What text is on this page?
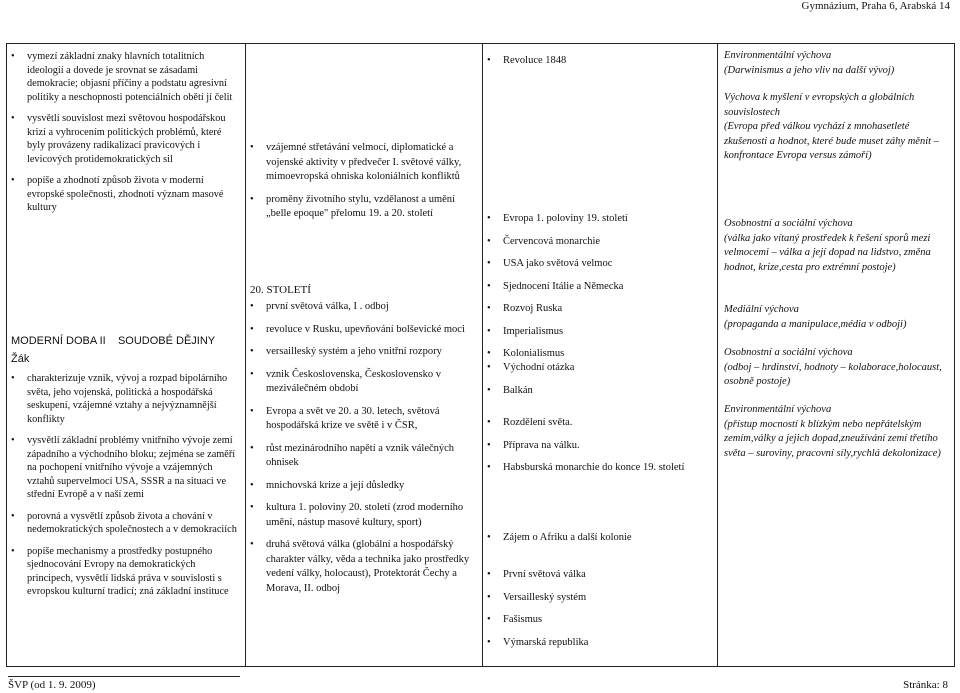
Gymnázium, Praha 6, Arabská 14
• vymezí základní znaky hlavních totalitních ideologií a dovede je srovnat se zásadami demokracie; objasní příčiny a podstatu agresivní politiky a neschopnosti potenciálních obětí jí čelit
• vysvětlí souvislost mezi světovou hospodářskou krizí a vyhrocením politických problémů, které byly provázeny radikalizací pravicových i levicových protidemokratických sil
• popíše a zhodnotí způsob života v moderní evropské společnosti, zhodnotí význam masové kultury
MODERNÍ DOBA II    SOUDOBÉ DĚJINY
Žák
• charakterizuje vznik, vývoj a rozpad bipolárního světa, jeho vojenská, politická a hospodářská seskupení, vzájemné vztahy a nejvýznamnější konflikty
• vysvětlí základní problémy vnitřního vývoje zemí západního a východního bloku; zejména se zaměří na pochopení vnitřního vývoje a vzájemných vztahů supervelmocí USA, SSSR a na situaci ve střední Evropě a v naší zemi
• porovná a vysvětlí způsob života a chování v nedemokratických společnostech a v demokraciích
• popíše mechanismy a prostředky postupného sjednocování Evropy na demokratických principech, vysvětlí lidská práva v souvislosti s evropskou kulturní tradicí; zná základní instituce

• vzájemné střetávání velmocí, diplomatické a vojenské aktivity v předvečer I. světové války, mimoevropská ohniska koloniálních konfliktů
• proměny životního stylu, vzdělanost a umění „belle epoque" přelomu 19. a 20. století
20. STOLETÍ
• první světová válka, I . odboj
• revoluce v Rusku, upevňování bolševické moci
• versailleský systém a jeho vnitřní rozpory
• vznik Československa, Československo v meziválečném období
• Evropa a svět ve 20. a 30. letech, světová hospodářská krize ve světě i v ČSR,
• růst mezinárodního napětí a vznik válečných ohnisek
• mnichovská krize a její důsledky
• kultura 1. poloviny 20. století (zrod moderního umění, nástup masové kultury, sport)
• druhá světová válka (globální a hospodářský charakter války, věda a technika jako prostředky vedení války, holocaust), Protektorát Čechy a Morava, II. odboj

• Revoluce 1848
• Evropa 1. poloviny 19. století
• Červencová monarchie
• USA jako světová velmoc
• Sjednocení Itálie a Německa
• Rozvoj Ruska
• Imperialismus
• Kolonialismus
• Východní otázka
• Balkán
• Rozdělení světa.
• Příprava na válku.
• Habsburská monarchie do konce 19. století
• Zájem o Afriku a další kolonie
• První světová válka
• Versailleský systém
• Fašismus
• Výmarská republika

Environmentální výchova
(Darwinismus a jeho vliv na další vývoj)
Výchova k myšlení v evropských a globálních souvislostech
(Evropa před válkou vychází z mnohasetleté zkušenosti a hodnot, které bude muset záhy měnit – konfrontace Evropa versus zámoří)
Osobnostní a sociální výchova
(válka jako vítaný prostředek k řešení sporů mezi velmocemi – válka a její dopad na lidstvo, změna hodnot, krize,cesta pro extrémní postoje)
Mediální výchova
(propaganda a manipulace,média v odboji)
Osobnostní a sociální výchova
(odboj – hrdinství, hodnoty – kolaborace,holocaust, osobně postoje)
Environmentální výchova
(přístup mocností k blízkým nebo nepřátelským zemím,války a jejich dopad,zneužívání zemí třetího světa – suroviny, pracovní síly,rychlá dekolonizace)
ŠVP (od 1. 9. 2009)	Stránka: 8
